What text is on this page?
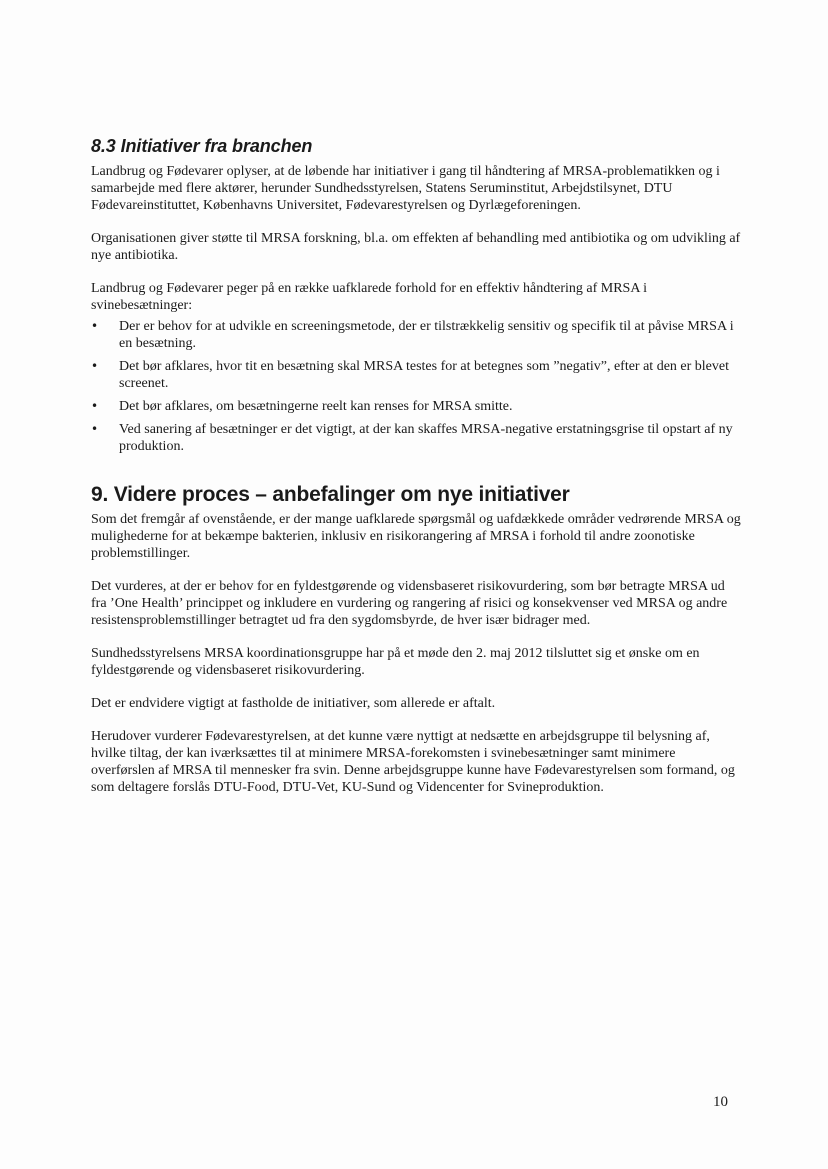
8.3 Initiativer fra branchen

Landbrug og Fødevarer oplyser, at de løbende har initiativer i gang til håndtering af MRSA-problematikken og i samarbejde med flere aktører, herunder Sundhedsstyrelsen, Statens Seruminstitut, Arbejdstilsynet, DTU Fødevareinstituttet, Københavns Universitet, Fødevarestyrelsen og Dyrlægeforeningen.

Organisationen giver støtte til MRSA forskning, bl.a. om effekten af behandling med antibiotika og om udvikling af nye antibiotika.

Landbrug og Fødevarer peger på en række uafklarede forhold for en effektiv håndtering af MRSA i svinebesætninger:

• Der er behov for at udvikle en screeningsmetode, der er tilstrækkelig sensitiv og specifik til at påvise MRSA i en besætning.
• Det bør afklares, hvor tit en besætning skal MRSA testes for at betegnes som ”negativ”, efter at den er blevet screenet.
• Det bør afklares, om besætningerne reelt kan renses for MRSA smitte.
• Ved sanering af besætninger er det vigtigt, at der kan skaffes MRSA-negative erstatningsgrise til opstart af ny produktion.
9. Videre proces – anbefalinger om nye initiativer

Som det fremgår af ovenstående, er der mange uafklarede spørgsmål og uafdækkede områder vedrørende MRSA og mulighederne for at bekæmpe bakterien, inklusiv en risikorangering af MRSA i forhold til andre zoonotiske problemstillinger.

Det vurderes, at der er behov for en fyldestgørende og vidensbaseret risikovurdering, som bør betragte MRSA ud fra ’One Health’ princippet og inkludere en vurdering og rangering af risici og konsekvenser ved MRSA og andre resistensproblemstillinger betragtet ud fra den sygdomsbyrde, de hver især bidrager med.

Sundhedsstyrelsens MRSA koordinationsgruppe har på et møde den 2. maj 2012 tilsluttet sig et ønske om en fyldestgørende og vidensbaseret risikovurdering.

Det er endvidere vigtigt at fastholde de initiativer, som allerede er aftalt.

Herudover vurderer Fødevarestyrelsen, at det kunne være nyttigt at nedsætte en arbejdsgruppe til belysning af, hvilke tiltag, der kan iværksættes til at minimere MRSA-forekomsten i svinebesætninger samt minimere overførslen af MRSA til mennesker fra svin. Denne arbejdsgruppe kunne have Fødevarestyrelsen som formand, og som deltagere forslås DTU-Food, DTU-Vet, KU-Sund og Videncenter for Svineproduktion.

10
